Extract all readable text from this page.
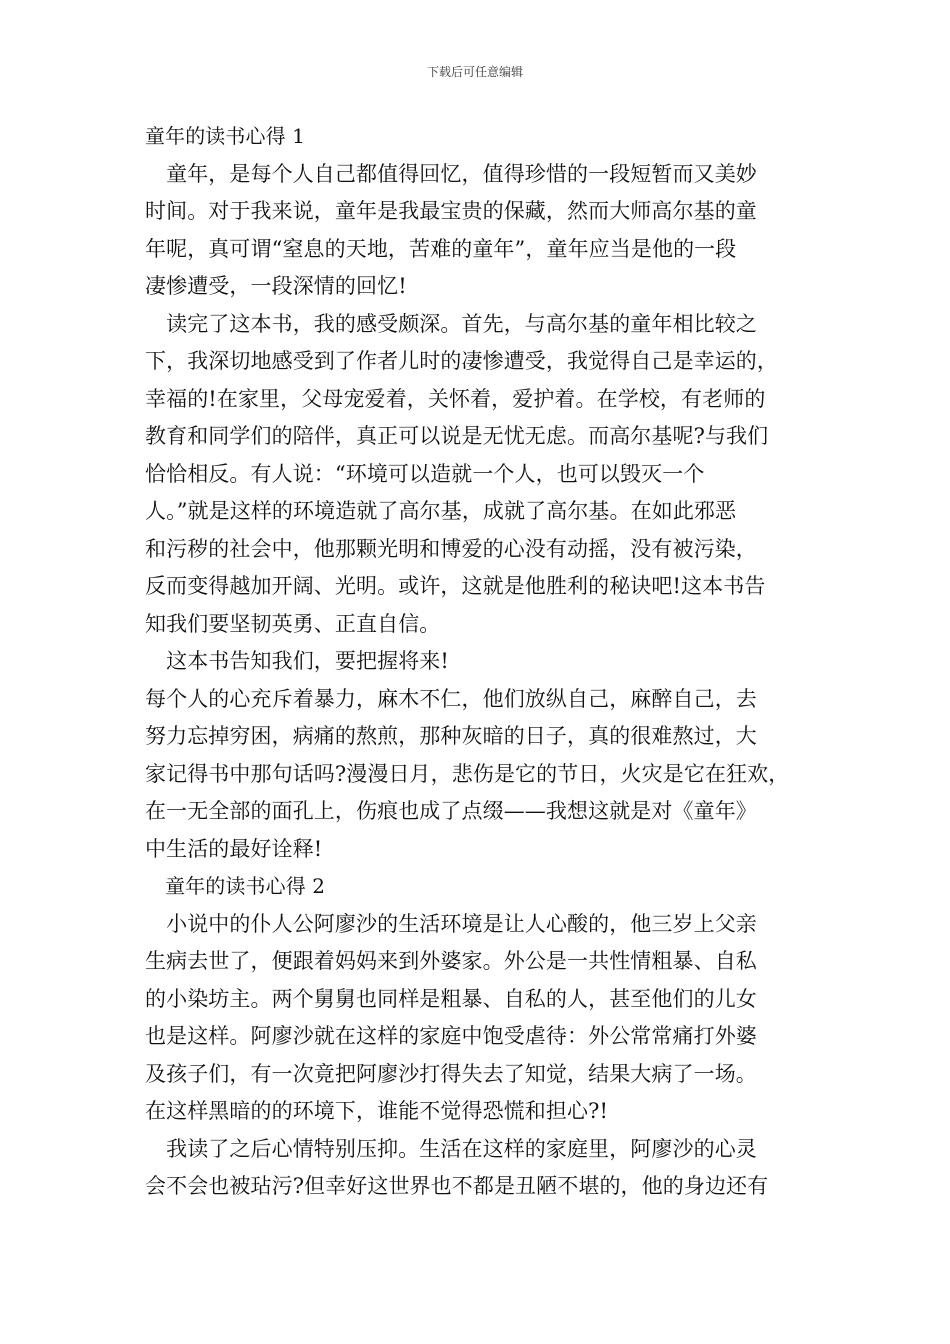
下载后可任意编辑
童年的读书心得 1
　童年，是每个人自己都值得回忆，值得珍惜的一段短暂而又美妙
时间。对于我来说，童年是我最宝贵的保藏，然而大师高尔基的童
年呢，真可谓“窒息的天地，苦难的童年”，童年应当是他的一段
凄惨遭受，一段深情的回忆!
　读完了这本书，我的感受颇深。首先，与高尔基的童年相比较之
下，我深切地感受到了作者儿时的凄惨遭受，我觉得自己是幸运的，
幸福的!在家里，父母宠爱着，关怀着，爱护着。在学校，有老师的
教育和同学们的陪伴，真正可以说是无忧无虑。而高尔基呢?与我们
恰恰相反。有人说：“环境可以造就一个人，也可以毁灭一个
人。”就是这样的环境造就了高尔基，成就了高尔基。在如此邪恶
和污秽的社会中，他那颗光明和博爱的心没有动摇，没有被污染，
反而变得越加开阔、光明。或许，这就是他胜利的秘诀吧!这本书告
知我们要坚韧英勇、正直自信。
　这本书告知我们，要把握将来!
每个人的心充斥着暴力，麻木不仁，他们放纵自己，麻醉自己，去
努力忘掉穷困，病痛的熬煎，那种灰暗的日子，真的很难熬过，大
家记得书中那句话吗?漫漫日月，悲伤是它的节日，火灾是它在狂欢，
在一无全部的面孔上，伤痕也成了点缀——我想这就是对《童年》
中生活的最好诠释!
　童年的读书心得 2
　小说中的仆人公阿廖沙的生活环境是让人心酸的，他三岁上父亲
生病去世了，便跟着妈妈来到外婆家。外公是一共性情粗暴、自私
的小染坊主。两个舅舅也同样是粗暴、自私的人，甚至他们的儿女
也是这样。阿廖沙就在这样的家庭中饱受虐待：外公常常痛打外婆
及孩子们，有一次竟把阿廖沙打得失去了知觉，结果大病了一场。
在这样黑暗的的环境下，谁能不觉得恐慌和担心?!
　我读了之后心情特别压抑。生活在这样的家庭里，阿廖沙的心灵
会不会也被玷污?但幸好这世界也不都是丑陋不堪的，他的身边还有
